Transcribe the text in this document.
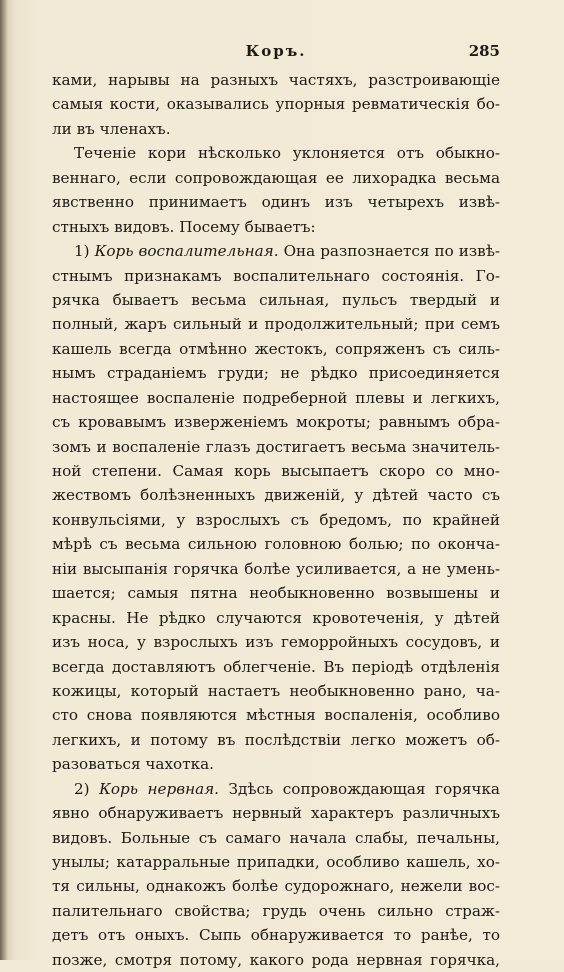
Коръ.	285
ками, нарывы на разныхъ частяхъ, разстроивающіе
самыя кости, оказывались упорныя ревматическія бо-
ли въ членахъ.
Теченіе кори нѣсколько уклоняется отъ обыкно-
веннаго, если сопровождающая ее лихорадка весьма
явственно принимаетъ одинъ изъ четырехъ извѣ-
стныхъ видовъ. Посему бываетъ:
1) Корь воспалительная. Она разпознается по извѣ-
стнымъ признакамъ воспалительнаго состоянія. Го-
рячка бываетъ весьма сильная, пульсъ твердый и
полный, жаръ сильный и продолжительный; при семъ
кашель всегда отмѣнно жестокъ, сопряженъ съ силь-
нымъ страданіемъ груди; не рѣдко присоединяется
настоящее воспаленіе подреберной плевы и легкихъ,
съ кровавымъ изверженіемъ мокроты; равнымъ обра-
зомъ и воспаленіе глазъ достигаетъ весьма значитель-
ной степени. Самая корь высыпаетъ скоро со мно-
жествомъ болѣзненныхъ движеній, у дѣтей часто съ
конвульсіями, у взрослыхъ съ бредомъ, по крайней
мѣрѣ съ весьма сильною головною болью; по оконча-
ніи высыпанія горячка болѣе усиливается, а не умень-
шается; самыя пятна необыкновенно возвышены и
красны. Не рѣдко случаются кровотеченія, у дѣтей
изъ носа, у взрослыхъ изъ геморройныхъ сосудовъ, и
всегда доставляютъ облегченіе. Въ періодѣ отдѣленія
кожицы, который настаетъ необыкновенно рано, ча-
сто снова появляются мѣстныя воспаленія, особливо
легкихъ, и потому въ послѣдствіи легко можетъ об-
разоваться чахотка.
2) Корь нервная. Здѣсь сопровождающая горячка
явно обнаруживаетъ нервный характеръ различныхъ
видовъ. Больные съ самаго начала слабы, печальны,
унылы; катарральные припадки, особливо кашель, хо-
тя сильны, однакожъ болѣе судорожнаго, нежели вос-
палительнаго свойства; грудь очень сильно страж-
детъ отъ оныхъ. Сыпь обнаруживается то ранѣе, то
позже, смотря потому, какого рода нервная горячка,
